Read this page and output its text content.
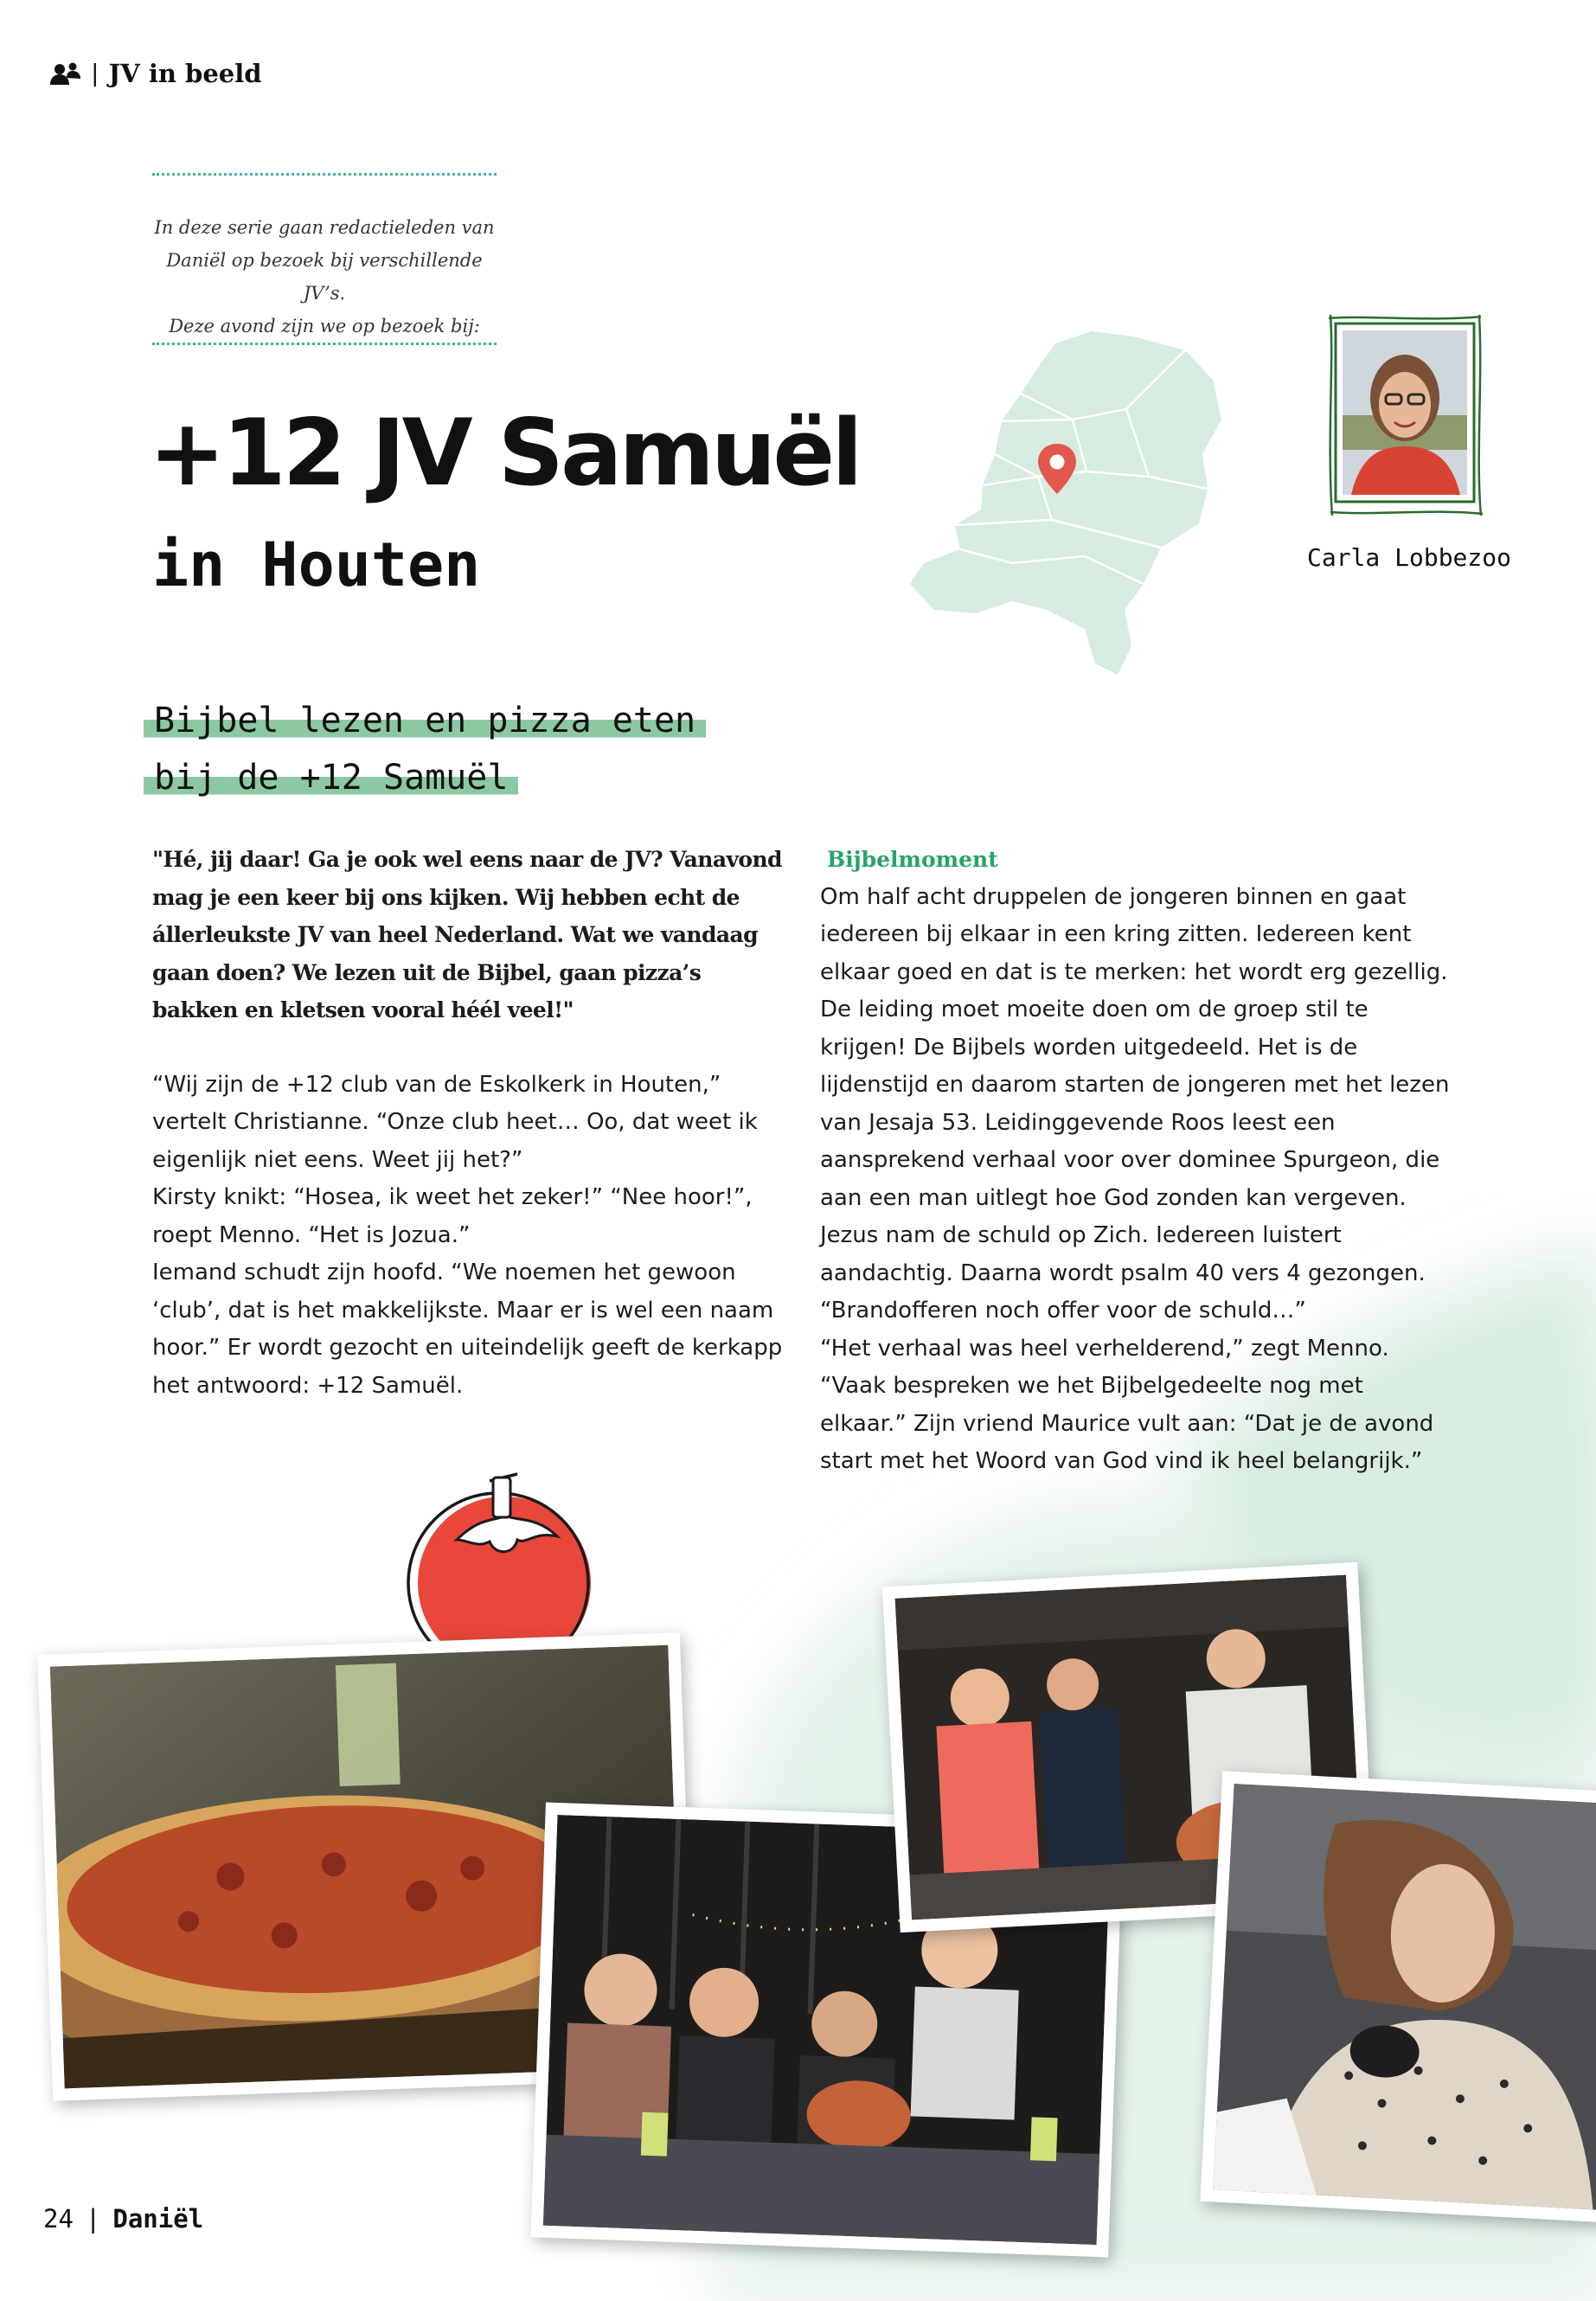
| JV in beeld
In deze serie gaan redactieleden van
Daniël op bezoek bij verschillende JV’s.
Deze avond zijn we op bezoek bij:
+12 JV Samuël
in Houten	Carla Lobbezoo
Bijbel lezen en pizza eten
bij de +12 Samuël

"Hé, jij daar! Ga je ook wel eens naar de JV? Vanavond mag je een keer bij ons kijken. Wij hebben echt de állerleukste JV van heel Nederland. Wat we vandaag gaan doen? We lezen uit de Bijbel, gaan pizza’s bakken en kletsen vooral héél veel!"

“Wij zijn de +12 club van de Eskolkerk in Houten,” vertelt Christianne. “Onze club heet… Oo, dat weet ik eigenlijk niet eens. Weet jij het?”

Kirsty knikt: “Hosea, ik weet het zeker!” “Nee hoor!”, roept Menno. “Het is Jozua.”

Iemand schudt zijn hoofd. “We noemen het gewoon ‘club’, dat is het makkelijkste. Maar er is wel een naam hoor.” Er wordt gezocht en uiteindelijk geeft de kerkapp het antwoord: +12 Samuël.

Bijbelmoment

Om half acht druppelen de jongeren binnen en gaat iedereen bij elkaar in een kring zitten. Iedereen kent elkaar goed en dat is te merken: het wordt erg gezellig. De leiding moet moeite doen om de groep stil te krijgen! De Bijbels worden uitgedeeld. Het is de lijdenstijd en daarom starten de jongeren met het lezen van Jesaja 53. Leidinggevende Roos leest een aansprekend verhaal voor over dominee Spurgeon, die aan een man uitlegt hoe God zonden kan vergeven. Jezus nam de schuld op Zich. Iedereen luistert aandachtig. Daarna wordt psalm 40 vers 4 gezongen. “Brandofferen noch offer voor de schuld…”

“Het verhaal was heel verhelderend,” zegt Menno. “Vaak bespreken we het Bijbelgedeelte nog met elkaar.” Zijn vriend Maurice vult aan: “Dat je de avond start met het Woord van God vind ik heel belangrijk.”

24 | Daniël
